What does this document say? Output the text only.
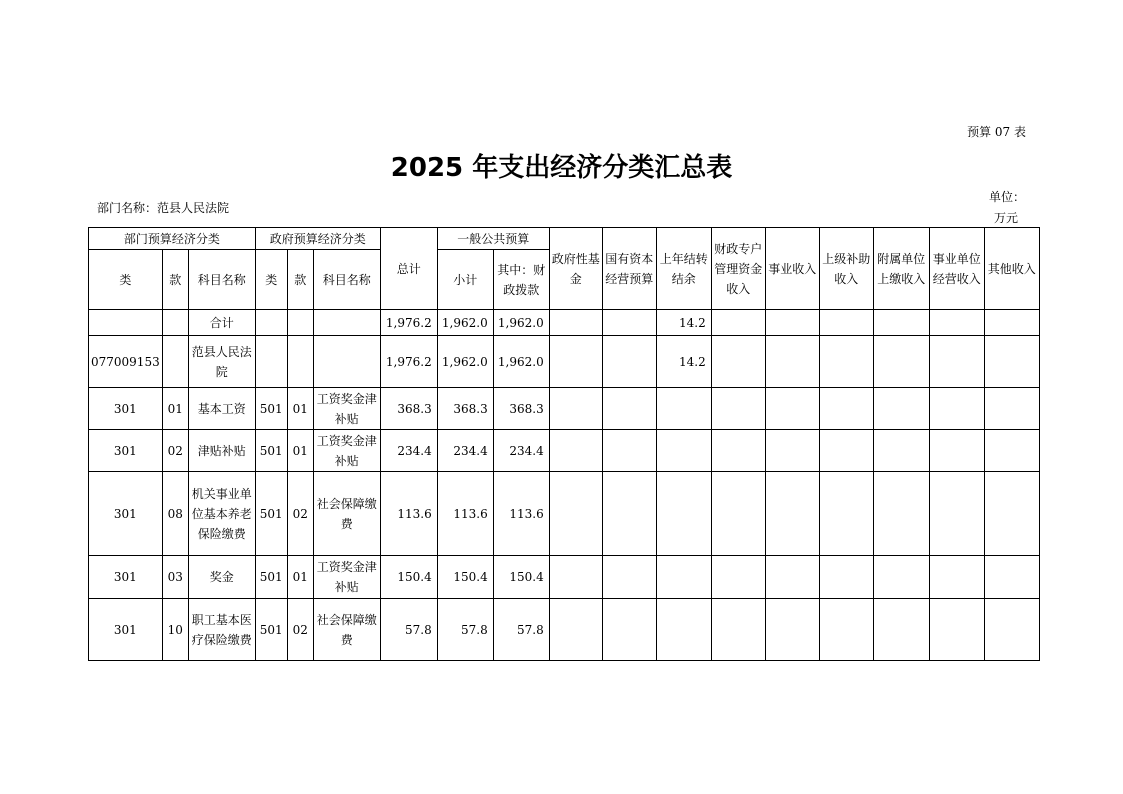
预算 07 表
2025 年支出经济分类汇总表
部门名称：范县人民法院
单位：
万元
部门预算经济分类			政府预算经济分类			总计	一般公共预算		政府性基金	国有资本经营预算	上年结转结余	财政专户管理资金收入	事业收入	上级补助收入	附属单位上缴收入	事业单位经营收入	其他收入
类	款	科目名称	类	款	科目名称		小计	其中：财政拨款									
		合计				1,976.2	1,962.0	1,962.0			14.2						
077009153		范县人民法院				1,976.2	1,962.0	1,962.0			14.2						
301	01	基本工资	501	01	工资奖金津补贴	368.3	368.3	368.3									
301	02	津贴补贴	501	01	工资奖金津补贴	234.4	234.4	234.4									
301	08	机关事业单位基本养老保险缴费	501	02	社会保障缴费	113.6	113.6	113.6									
301	03	奖金	501	01	工资奖金津补贴	150.4	150.4	150.4									
301	10	职工基本医疗保险缴费	501	02	社会保障缴费	57.8	57.8	57.8									
